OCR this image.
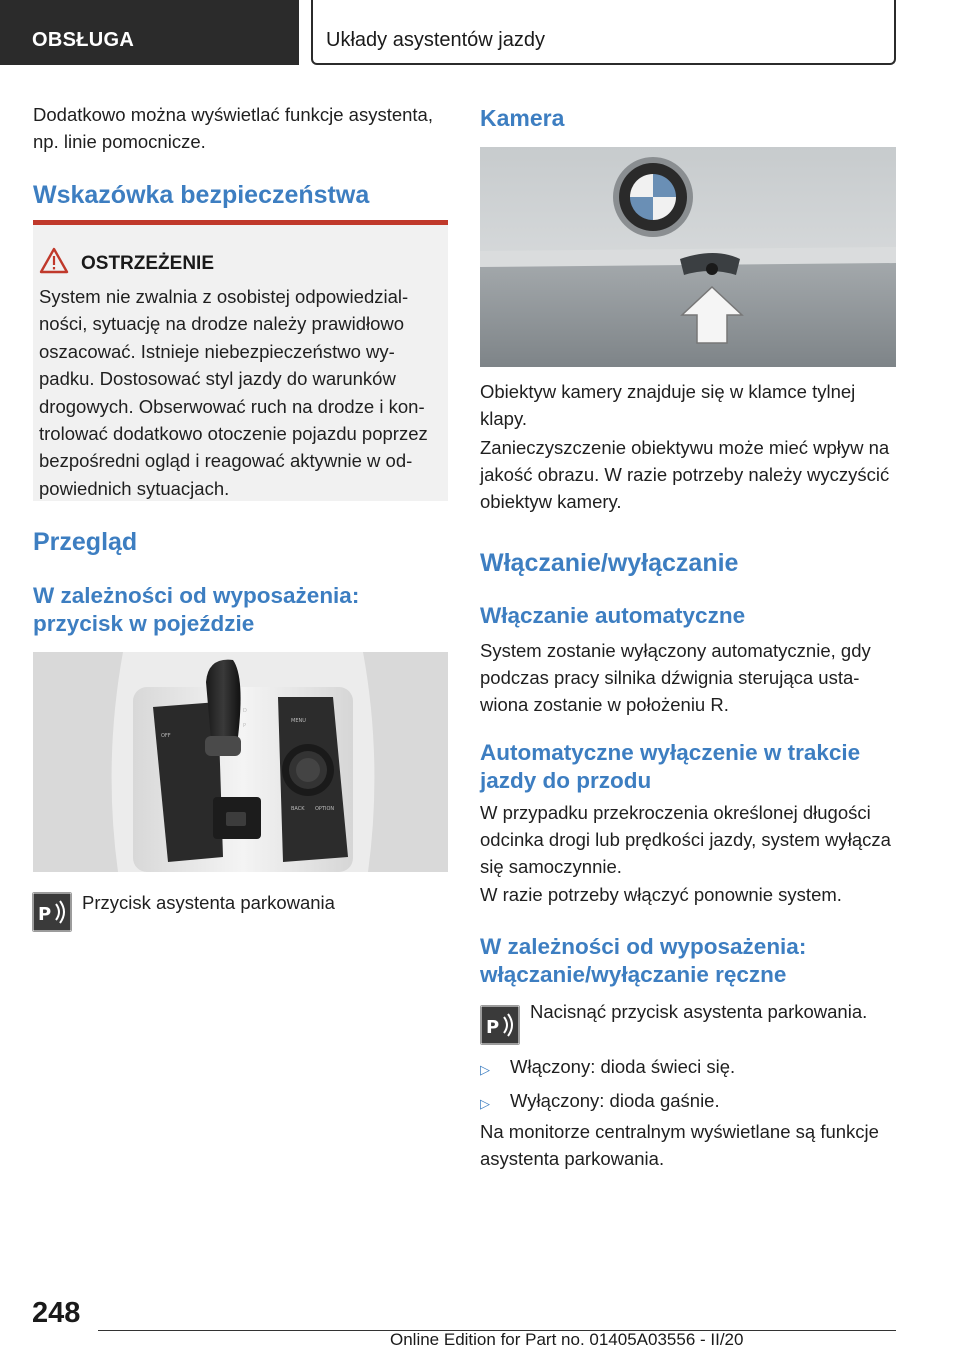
OBSŁUGA	Układy asystentów jazdy

Dodatkowo można wyświetlać funkcje asystenta, np. linie pomocnicze.

Wskazówka bezpieczeństwa
OSTRZEŻENIE

System nie zwalnia z osobistej odpowiedzialności, sytuację na drodze należy prawidłowo oszacować. Istnieje niebezpieczeństwo wypadku. Dostosować styl jazdy do warunków drogowych. Obserwować ruch na drodze i kontrolować dodatkowo otoczenie pojazdu poprzez bezpośredni ogląd i reagować aktywnie w odpowiednich sytuacjach.

Przegląd
W zależności od wyposażenia: przycisk w pojeździe
OFF
D
P
MENU
BACK OPTION
P

Przycisk asystenta parkowania

Kamera

Obiektyw kamery znajduje się w klamce tylnej klapy.

Zanieczyszczenie obiektywu może mieć wpływ na jakość obrazu. W razie potrzeby należy wyczyścić obiektyw kamery.

Włączanie/wyłączanie
Włączanie automatyczne

System zostanie wyłączony automatycznie, gdy podczas pracy silnika dźwignia sterująca ustawiona zostanie w położeniu R.

Automatyczne wyłączenie w trakcie jazdy do przodu

W przypadku przekroczenia określonej długości odcinka drogi lub prędkości jazdy, system wyłącza się samoczynnie.

W razie potrzeby włączyć ponownie system.

W zależności od wyposażenia: włączanie/wyłączanie ręczne
P

Nacisnąć przycisk asystenta parkowania.

▷ Włączony: dioda świeci się.
▷ Wyłączony: dioda gaśnie.

Na monitorze centralnym wyświetlane są funkcje asystenta parkowania.

248
Online Edition for Part no. 01405A03556 - II/20
